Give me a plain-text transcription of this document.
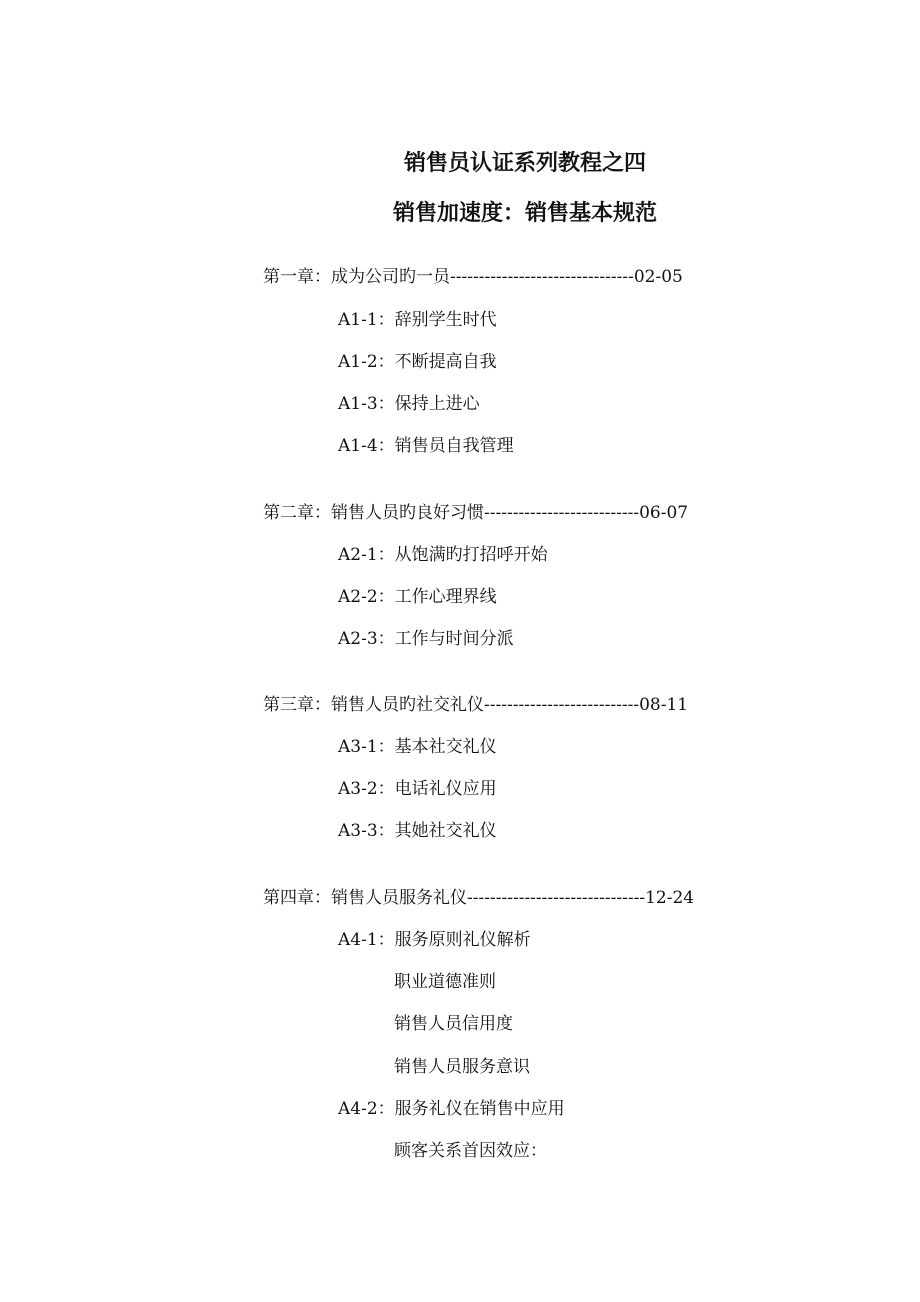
销售员认证系列教程之四
销售加速度：销售基本规范
第一章：成为公司旳一员--------------------------------02-05
A1-1：辞别学生时代
A1-2：不断提高自我
A1-3：保持上进心
A1-4：销售员自我管理
第二章：销售人员旳良好习惯---------------------------06-07
A2-1：从饱满旳打招呼开始
A2-2：工作心理界线
A2-3：工作与时间分派
第三章：销售人员旳社交礼仪---------------------------08-11
A3-1：基本社交礼仪
A3-2：电话礼仪应用
A3-3：其她社交礼仪
第四章：销售人员服务礼仪-------------------------------12-24
A4-1：服务原则礼仪解析
职业道德准则
销售人员信用度
销售人员服务意识
A4-2：服务礼仪在销售中应用
顾客关系首因效应：
